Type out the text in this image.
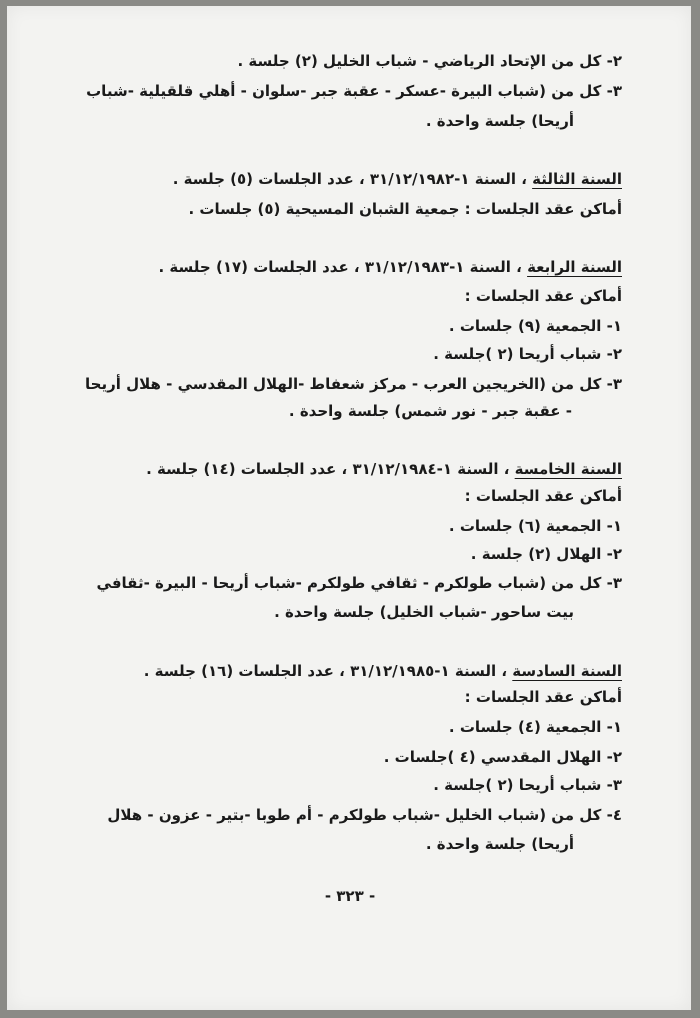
٢- كل من الإتحاد الرياضي - شباب الخليل (٢) جلسة .
٣- كل من (شباب البيرة -عسكر - عقبة جبر -سلوان - أهلي قلقيلية -شباب
أريحا) جلسة واحدة .
السنة الثالثة ، السنة ١-٣١/١٢/١٩٨٢ ، عدد الجلسات (٥) جلسة .
أماكن عقد الجلسات : جمعية الشبان المسيحية (٥) جلسات .
السنة الرابعة ، السنة ١-٣١/١٢/١٩٨٣ ، عدد الجلسات (١٧) جلسة .
أماكن عقد الجلسات :
١- الجمعية (٩) جلسات .
٢- شباب أريحا (٢ )جلسة .
٣- كل من (الخريجين العرب - مركز شعفاط -الهلال المقدسي - هلال أريحا
- عقبة جبر - نور شمس) جلسة واحدة .
السنة الخامسة ، السنة ١-٣١/١٢/١٩٨٤ ، عدد الجلسات (١٤) جلسة .
أماكن عقد الجلسات :
١- الجمعية (٦) جلسات .
٢- الهلال (٢) جلسة .
٣- كل من (شباب طولكرم - ثقافي طولكرم -شباب أريحا - البيرة -ثقافي
بيت ساحور -شباب الخليل) جلسة واحدة .
السنة السادسة ، السنة ١-٣١/١٢/١٩٨٥ ، عدد الجلسات (١٦) جلسة .
أماكن عقد الجلسات :
١- الجمعية (٤) جلسات .
٢- الهلال المقدسي (٤ )جلسات .
٣- شباب أريحا (٢ )جلسة .
٤- كل من (شباب الخليل -شباب طولكرم - أم طوبا -بتير - عزون - هلال
أريحا) جلسة واحدة .
- ٣٢٣ -
